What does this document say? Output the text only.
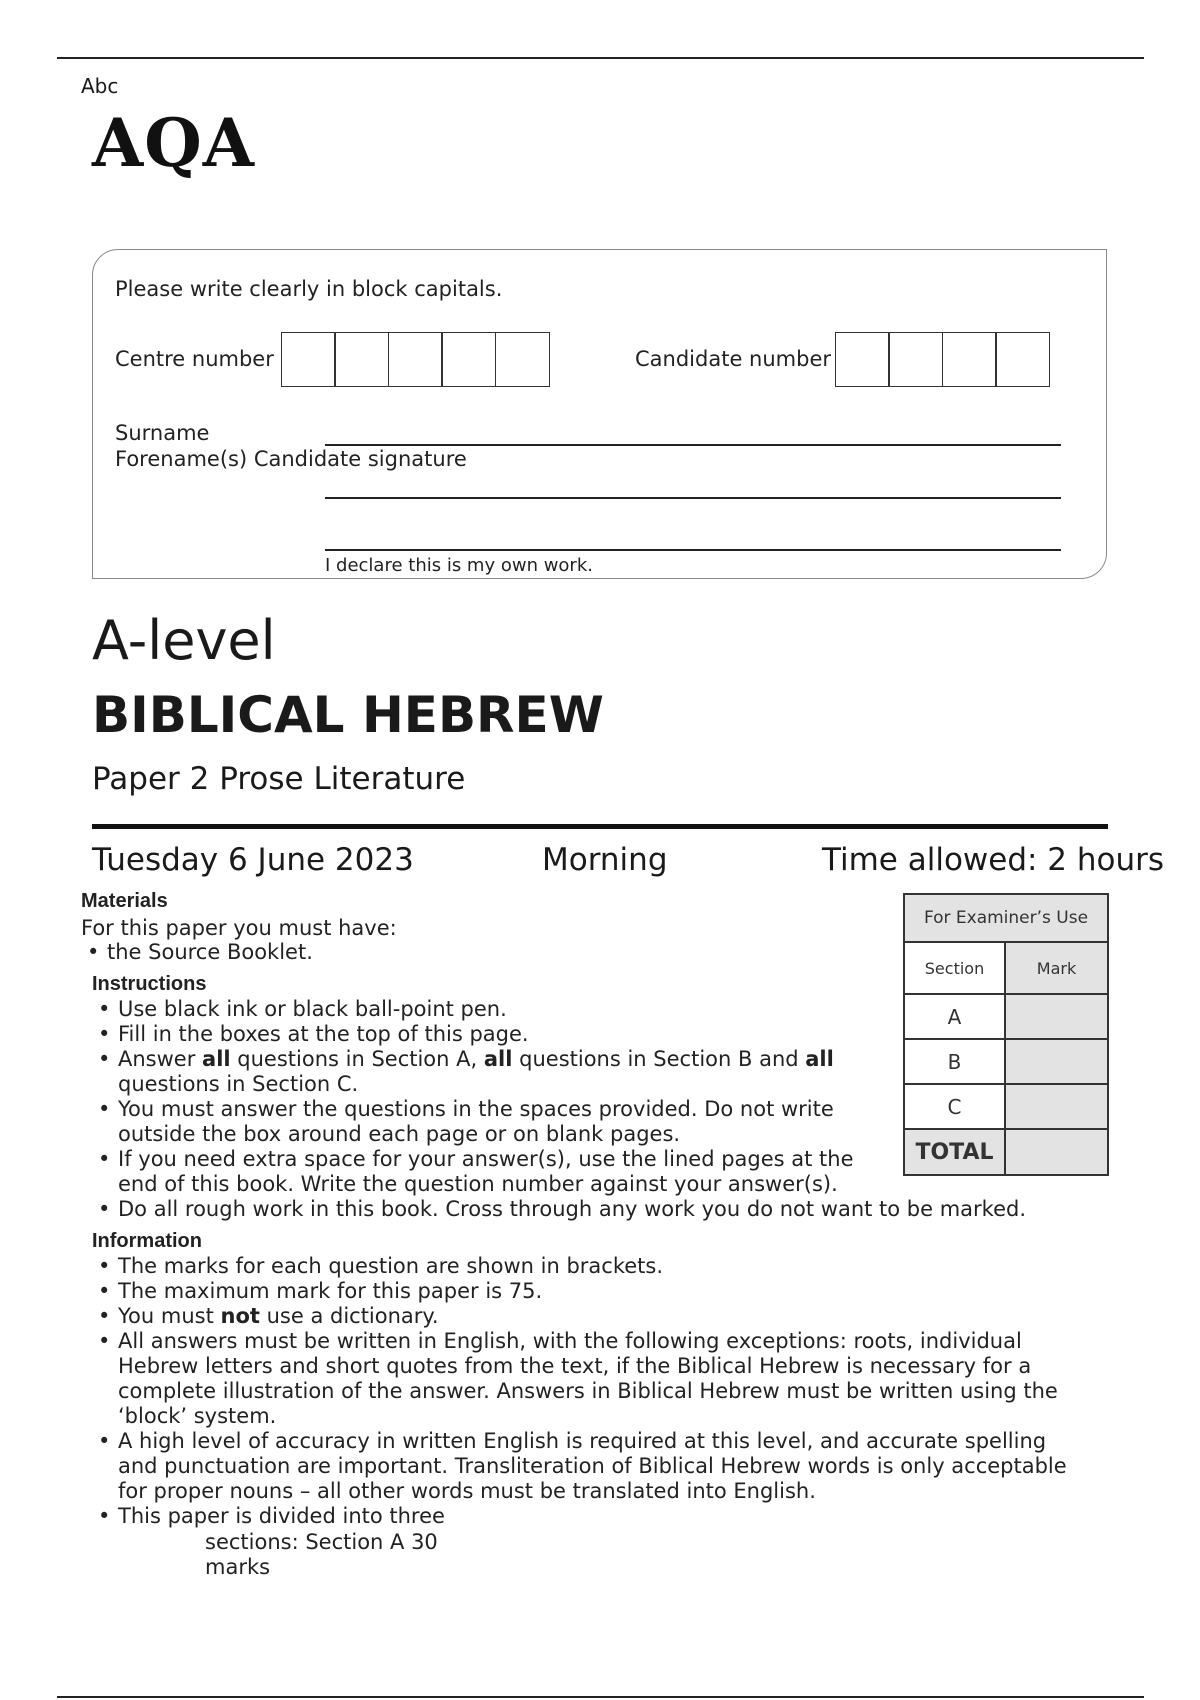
Abc
AQA
Please write clearly in block capitals.
Centre number	Candidate number
Surname
Forename(s) Candidate signature
I declare this is my own work.
A-level
BIBLICAL HEBREW
Paper 2 Prose Literature
Tuesday 6 June 2023	Morning	Time allowed: 2 hours
Materials
For this paper you must have:
• the Source Booklet.
Instructions
• Use black ink or black ball-point pen.
• Fill in the boxes at the top of this page.
• Answer all questions in Section A, all questions in Section B and all questions in Section C.
• You must answer the questions in the spaces provided. Do not write outside the box around each page or on blank pages.
• If you need extra space for your answer(s), use the lined pages at the end of this book. Write the question number against your answer(s).
• Do all rough work in this book. Cross through any work you do not want to be marked.
Information
• The marks for each question are shown in brackets.
• The maximum mark for this paper is 75.
• You must not use a dictionary.
• All answers must be written in English, with the following exceptions: roots, individual Hebrew letters and short quotes from the text, if the Biblical Hebrew is necessary for a complete illustration of the answer. Answers in Biblical Hebrew must be written using the ‘block’ system.
• A high level of accuracy in written English is required at this level, and accurate spelling and punctuation are important. Transliteration of Biblical Hebrew words is only acceptable for proper nouns – all other words must be translated into English.
• This paper is divided into three
sections: Section A 30
marks
For Examiner’s Use	
Section	Mark
A	
B	
C	
TOTAL	
